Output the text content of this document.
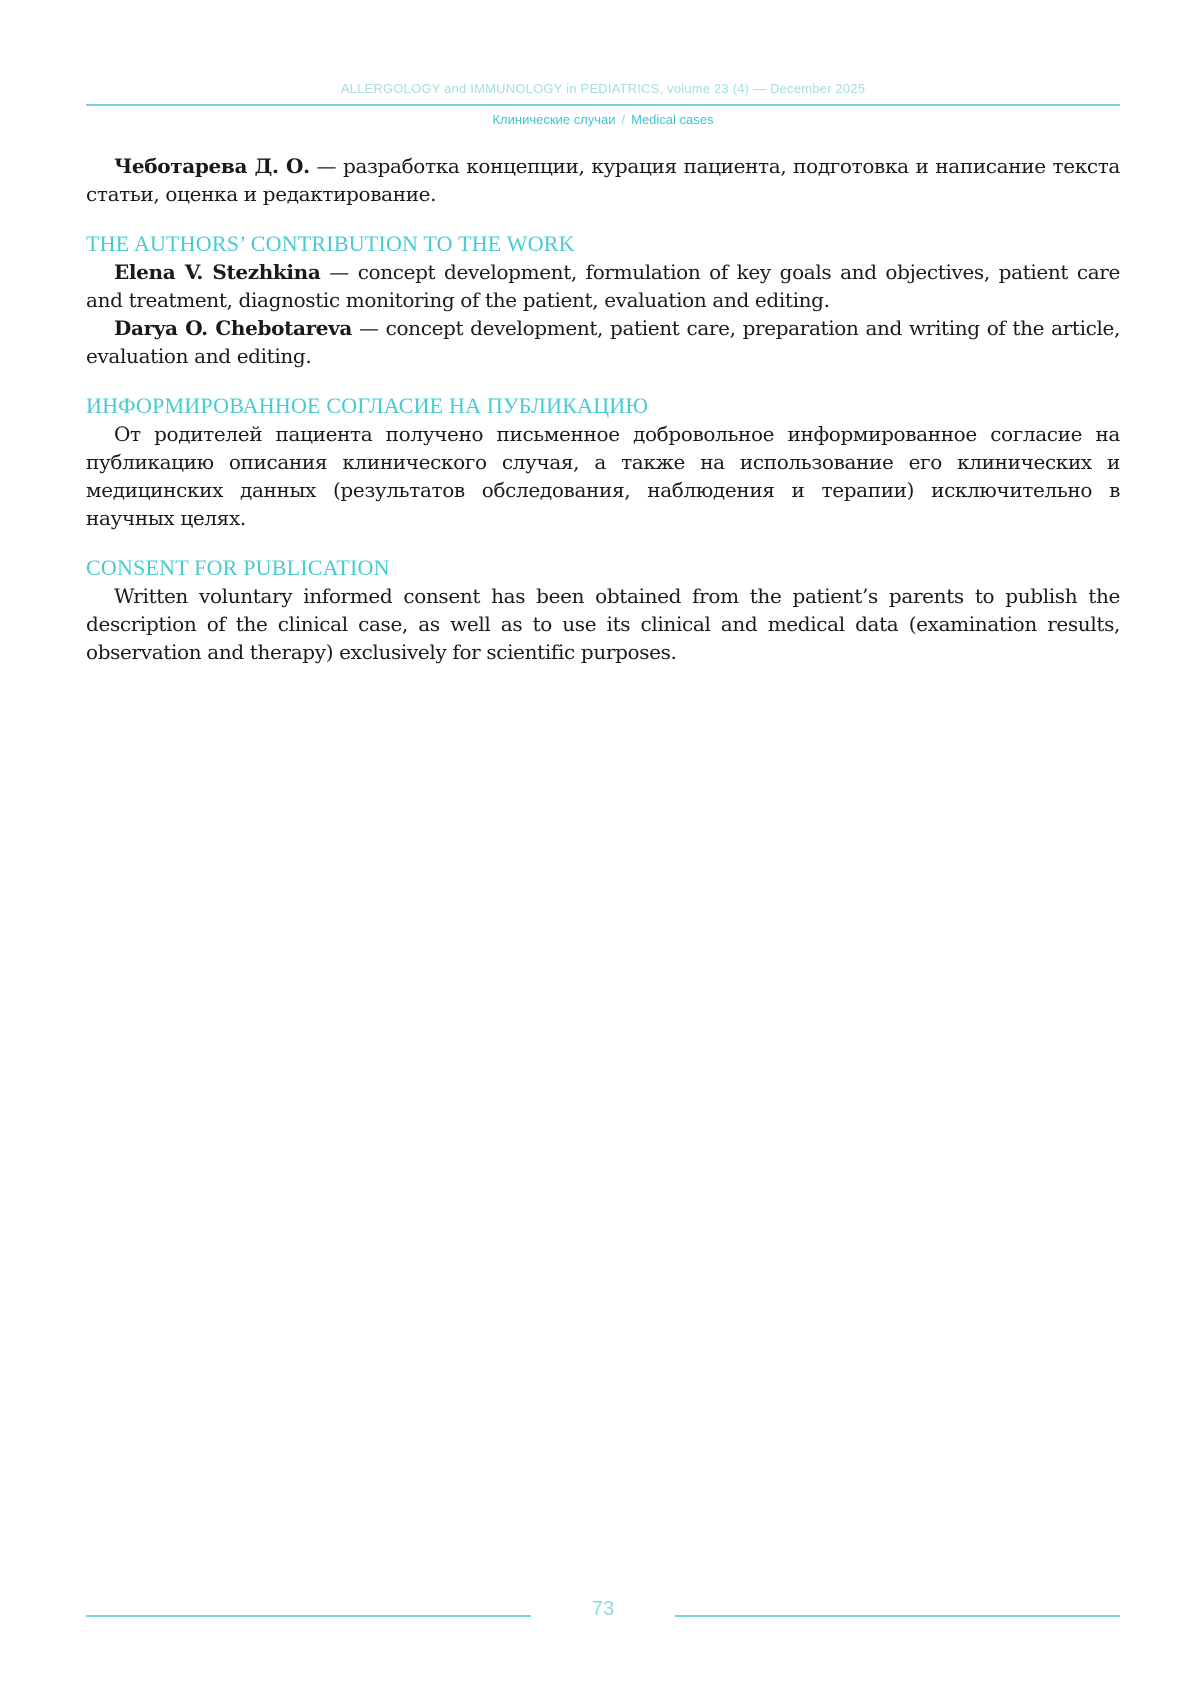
ALLERGOLOGY and IMMUNOLOGY in PEDIATRICS, volume 23 (4) — December 2025
Клинические случаи / Medical cases

Чеботарева Д. О. — разработка концепции, курация пациента, подготовка и написание текста статьи, оценка и редактирование.

THE AUTHORS’ CONTRIBUTION TO THE WORK

Elena V. Stezhkina — concept development, formulation of key goals and objectives, patient care and treatment, diagnostic monitoring of the patient, evaluation and editing.

Darya O. Chebotareva — concept development, patient care, preparation and writing of the article, evaluation and editing.

ИНФОРМИРОВАННОЕ СОГЛАСИЕ НА ПУБЛИКАЦИЮ

От родителей пациента получено письменное добровольное информированное согласие на публикацию описания клинического случая, а также на использование его клинических и медицинских данных (результатов обследования, наблюдения и терапии) исключительно в научных целях.

CONSENT FOR PUBLICATION

Written voluntary informed consent has been obtained from the patient’s parents to publish the description of the clinical case, as well as to use its clinical and medical data (examination results, observation and therapy) exclusively for scientific purposes.

73
